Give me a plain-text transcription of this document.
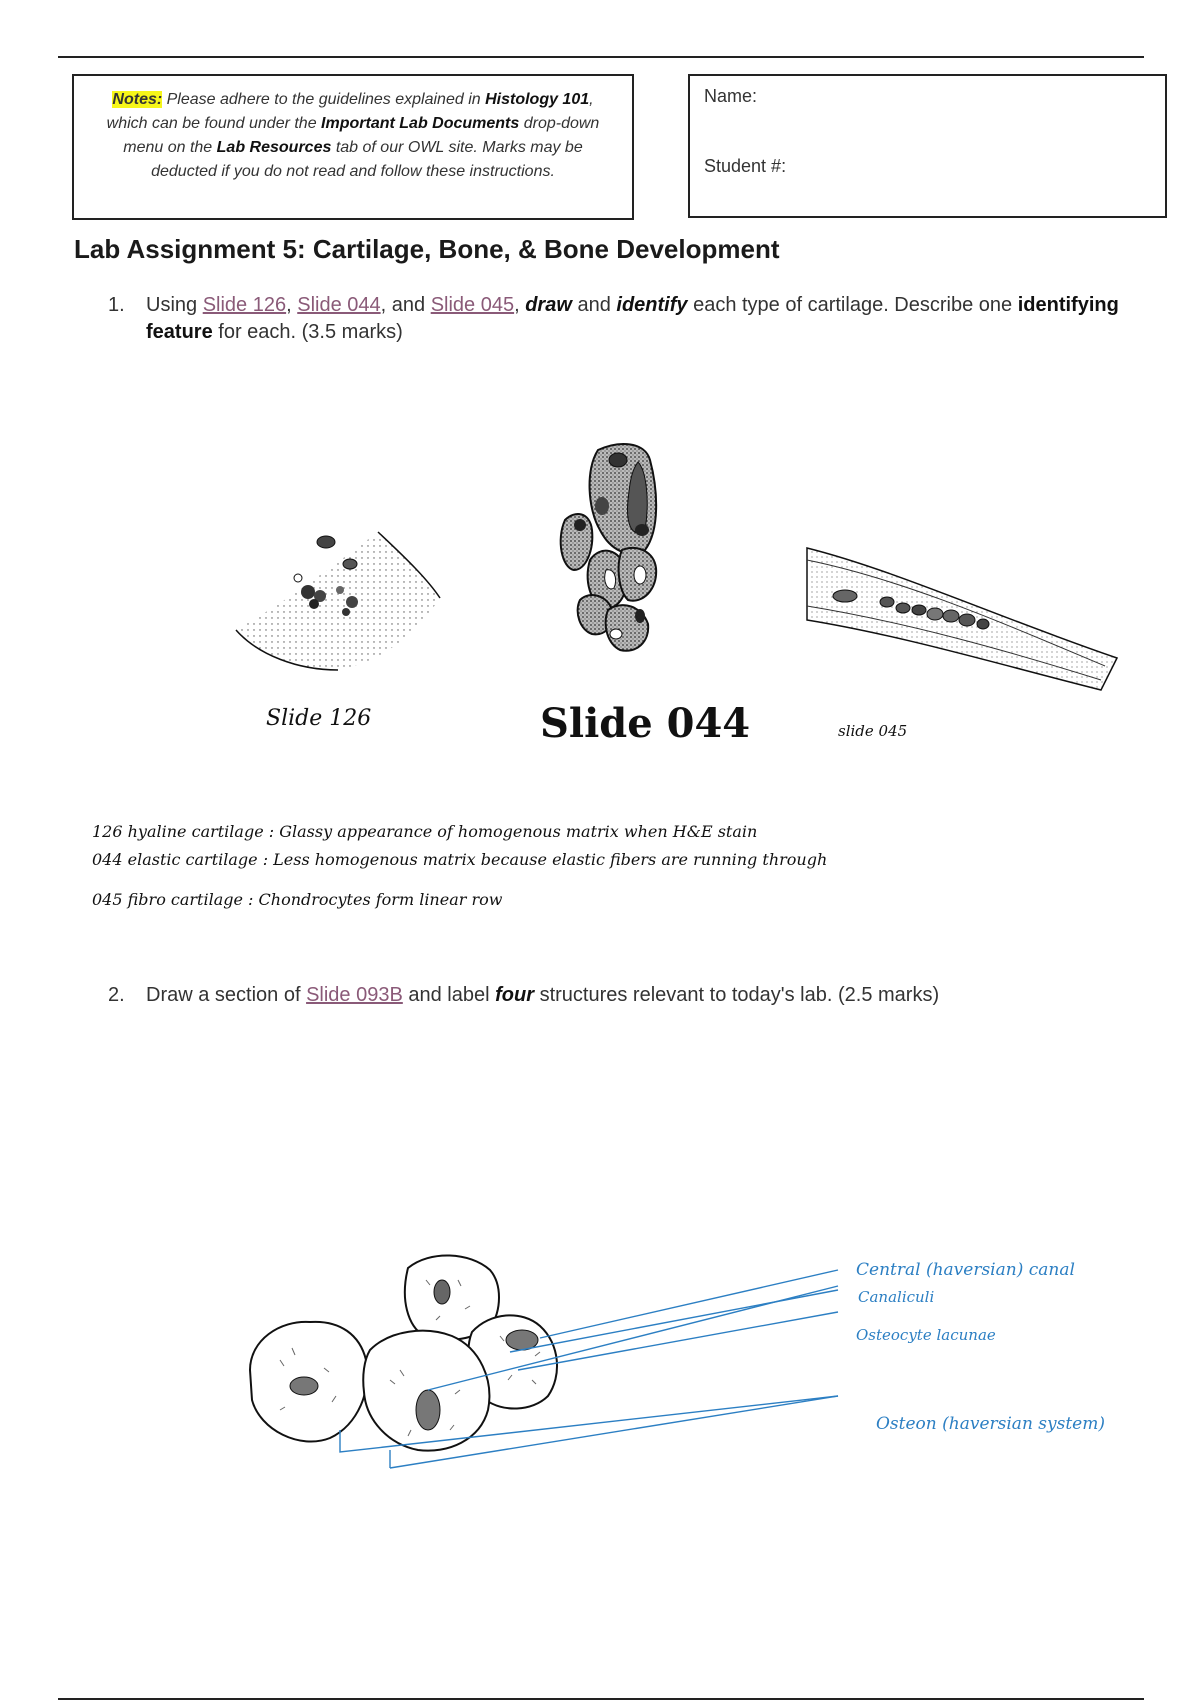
Notes: Please adhere to the guidelines explained in Histology 101, which can be found under the Important Lab Documents drop-down menu on the Lab Resources tab of our OWL site. Marks may be deducted if you do not read and follow these instructions.
Name:
Student #:
Lab Assignment 5: Cartilage, Bone, & Bone Development
1. Using Slide 126, Slide 044, and Slide 045, draw and identify each type of cartilage. Describe one identifying feature for each. (3.5 marks)
Slide 126	Slide 044	slide 045
126 hyaline cartilage : Glassy appearance of homogenous matrix when H&E stain
044 elastic cartilage : Less homogenous matrix because elastic fibers are running through
045 fibro cartilage : Chondrocytes form linear row
2. Draw a section of Slide 093B and label four structures relevant to today's lab. (2.5 marks)
Central (haversian) canal
Canaliculi
Osteocyte lacunae
Osteon (haversian system)
